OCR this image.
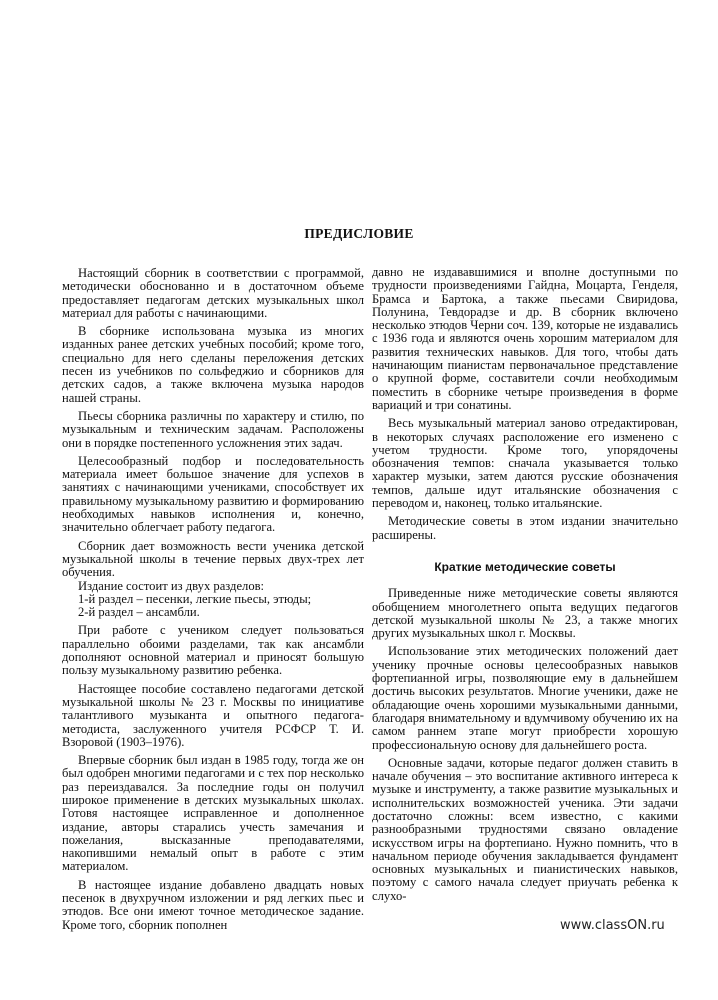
ПРЕДИСЛОВИЕ

Настоящий сборник в соответствии с программой, методически обоснованно и в достаточном объеме предоставляет педагогам детских музыкальных школ материал для работы с начинающими.

В сборнике использована музыка из многих изданных ранее детских учебных пособий; кроме того, специально для него сделаны переложения детских песен из учебников по сольфеджио и сборников для детских садов, а также включена музыка народов нашей страны.

Пьесы сборника различны по характеру и стилю, по музыкальным и техническим задачам. Расположены они в порядке постепенного усложнения этих задач.

Целесообразный подбор и последовательность материала имеет большое значение для успехов в занятиях с начинающими учениками, способствует их правильному музыкальному развитию и формированию необходимых навыков исполнения и, конечно, значительно облегчает работу педагога.

Сборник дает возможность вести ученика детской музыкальной школы в течение первых двух-трех лет обучения.

Издание состоит из двух разделов:

1-й раздел – песенки, легкие пьесы, этюды;

2-й раздел – ансамбли.

При работе с учеником следует пользоваться параллельно обоими разделами, так как ансамбли дополняют основной материал и приносят большую пользу музыкальному развитию ребенка.

Настоящее пособие составлено педагогами детской музыкальной школы № 23 г. Москвы по инициативе талантливого музыканта и опытного педагога-методиста, заслуженного учителя РСФСР Т. И. Взоровой (1903–1976).

Впервые сборник был издан в 1985 году, тогда же он был одобрен многими педагогами и с тех пор несколько раз переиздавался. За последние годы он получил широкое применение в детских музыкальных школах. Готовя настоящее исправленное и дополненное издание, авторы старались учесть замечания и пожелания, высказанные преподавателями, накопившими немалый опыт в работе с этим материалом.

В настоящее издание добавлено двадцать новых песенок в двухручном изложении и ряд легких пьес и этюдов. Все они имеют точное методическое задание. Кроме того, сборник пополнен

давно не издававшимися и вполне доступными по трудности произведениями Гайдна, Моцарта, Генделя, Брамса и Бартока, а также пьесами Свиридова, Полунина, Тевдорадзе и др. В сборник включено несколько этюдов Черни соч. 139, которые не издавались с 1936 года и являются очень хорошим материалом для развития технических навыков. Для того, чтобы дать начинающим пианистам первоначальное представление о крупной форме, составители сочли необходимым поместить в сборнике четыре произведения в форме вариаций и три сонатины.

Весь музыкальный материал заново отредактирован, в некоторых случаях расположение его изменено с учетом трудности. Кроме того, упорядочены обозначения темпов: сначала указывается только характер музыки, затем даются русские обозначения темпов, дальше идут итальянские обозначения с переводом и, наконец, только итальянские.

Методические советы в этом издании значительно расширены.

Краткие методические советы

Приведенные ниже методические советы являются обобщением многолетнего опыта ведущих педагогов детской музыкальной школы № 23, а также многих других музыкальных школ г. Москвы.

Использование этих методических положений дает ученику прочные основы целесообразных навыков фортепианной игры, позволяющие ему в дальнейшем достичь высоких результатов. Многие ученики, даже не обладающие очень хорошими музыкальными данными, благодаря внимательному и вдумчивому обучению их на самом раннем этапе могут приобрести хорошую профессиональную основу для дальнейшего роста.

Основные задачи, которые педагог должен ставить в начале обучения – это воспитание активного интереса к музыке и инструменту, а также развитие музыкальных и исполнительских возможностей ученика. Эти задачи достаточно сложны: всем известно, с какими разнообразными трудностями связано овладение искусством игры на фортепиано. Нужно помнить, что в начальном периоде обучения закладывается фундамент основных музыкальных и пианистических навыков, поэтому с самого начала следует приучать ребенка к слухо-

www.classON.ru
